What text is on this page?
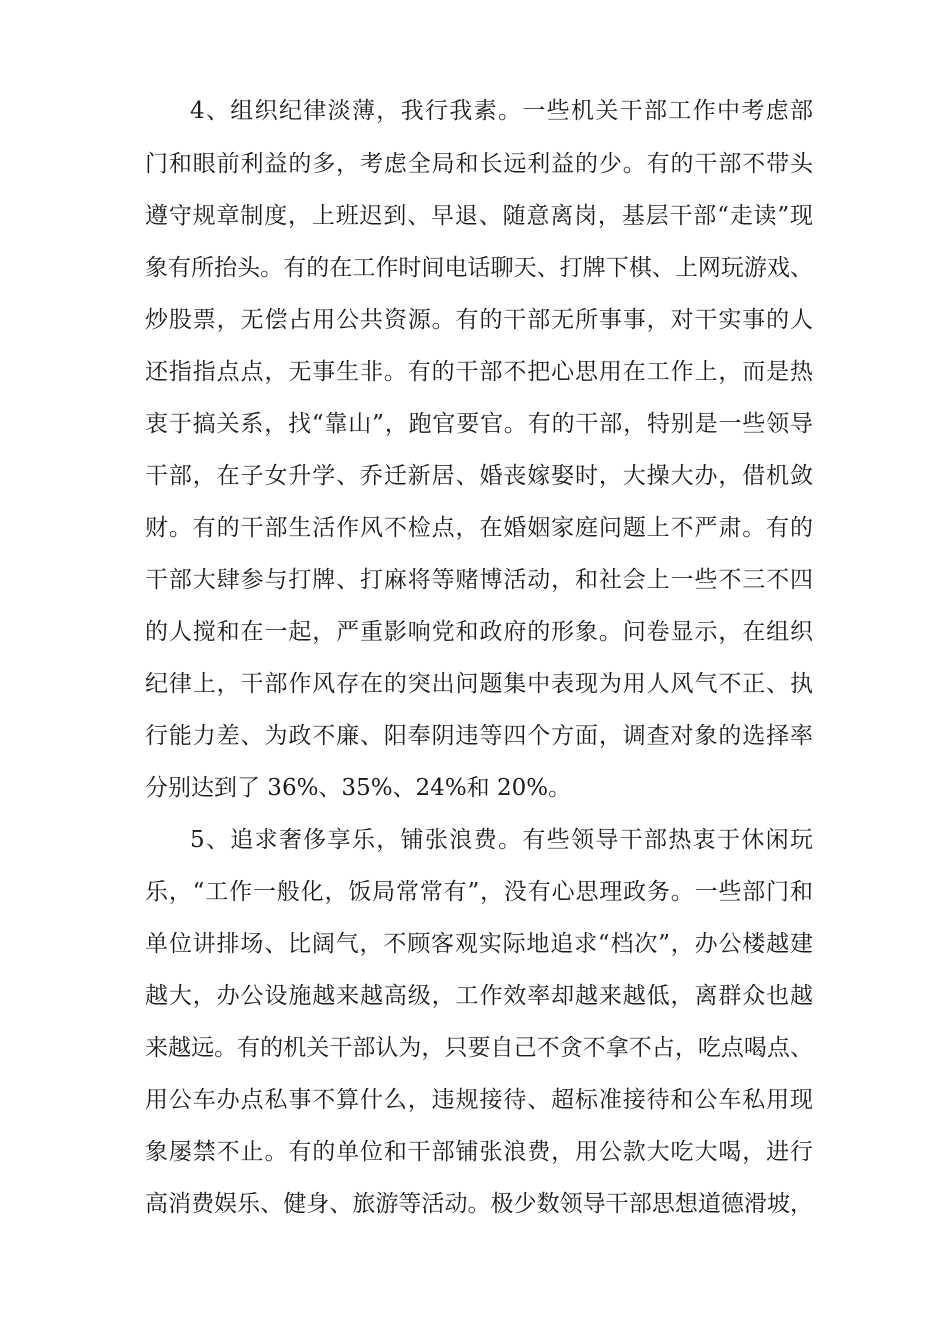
4、组织纪律淡薄，我行我素。一些机关干部工作中考虑部
门和眼前利益的多，考虑全局和长远利益的少。有的干部不带头
遵守规章制度，上班迟到、早退、随意离岗，基层干部“走读”现
象有所抬头。有的在工作时间电话聊天、打牌下棋、上网玩游戏、
炒股票，无偿占用公共资源。有的干部无所事事，对干实事的人
还指指点点，无事生非。有的干部不把心思用在工作上，而是热
衷于搞关系，找“靠山”，跑官要官。有的干部，特别是一些领导
干部，在子女升学、乔迁新居、婚丧嫁娶时，大操大办，借机敛
财。有的干部生活作风不检点，在婚姻家庭问题上不严肃。有的
干部大肆参与打牌、打麻将等赌博活动，和社会上一些不三不四
的人搅和在一起，严重影响党和政府的形象。问卷显示，在组织
纪律上，干部作风存在的突出问题集中表现为用人风气不正、执
行能力差、为政不廉、阳奉阴违等四个方面，调查对象的选择率
分别达到了 36%、35%、24%和 20%。
5、追求奢侈享乐，铺张浪费。有些领导干部热衷于休闲玩
乐，“工作一般化，饭局常常有”，没有心思理政务。一些部门和
单位讲排场、比阔气，不顾客观实际地追求“档次”，办公楼越建
越大，办公设施越来越高级，工作效率却越来越低，离群众也越
来越远。有的机关干部认为，只要自己不贪不拿不占，吃点喝点、
用公车办点私事不算什么，违规接待、超标准接待和公车私用现
象屡禁不止。有的单位和干部铺张浪费，用公款大吃大喝，进行
高消费娱乐、健身、旅游等活动。极少数领导干部思想道德滑坡，
